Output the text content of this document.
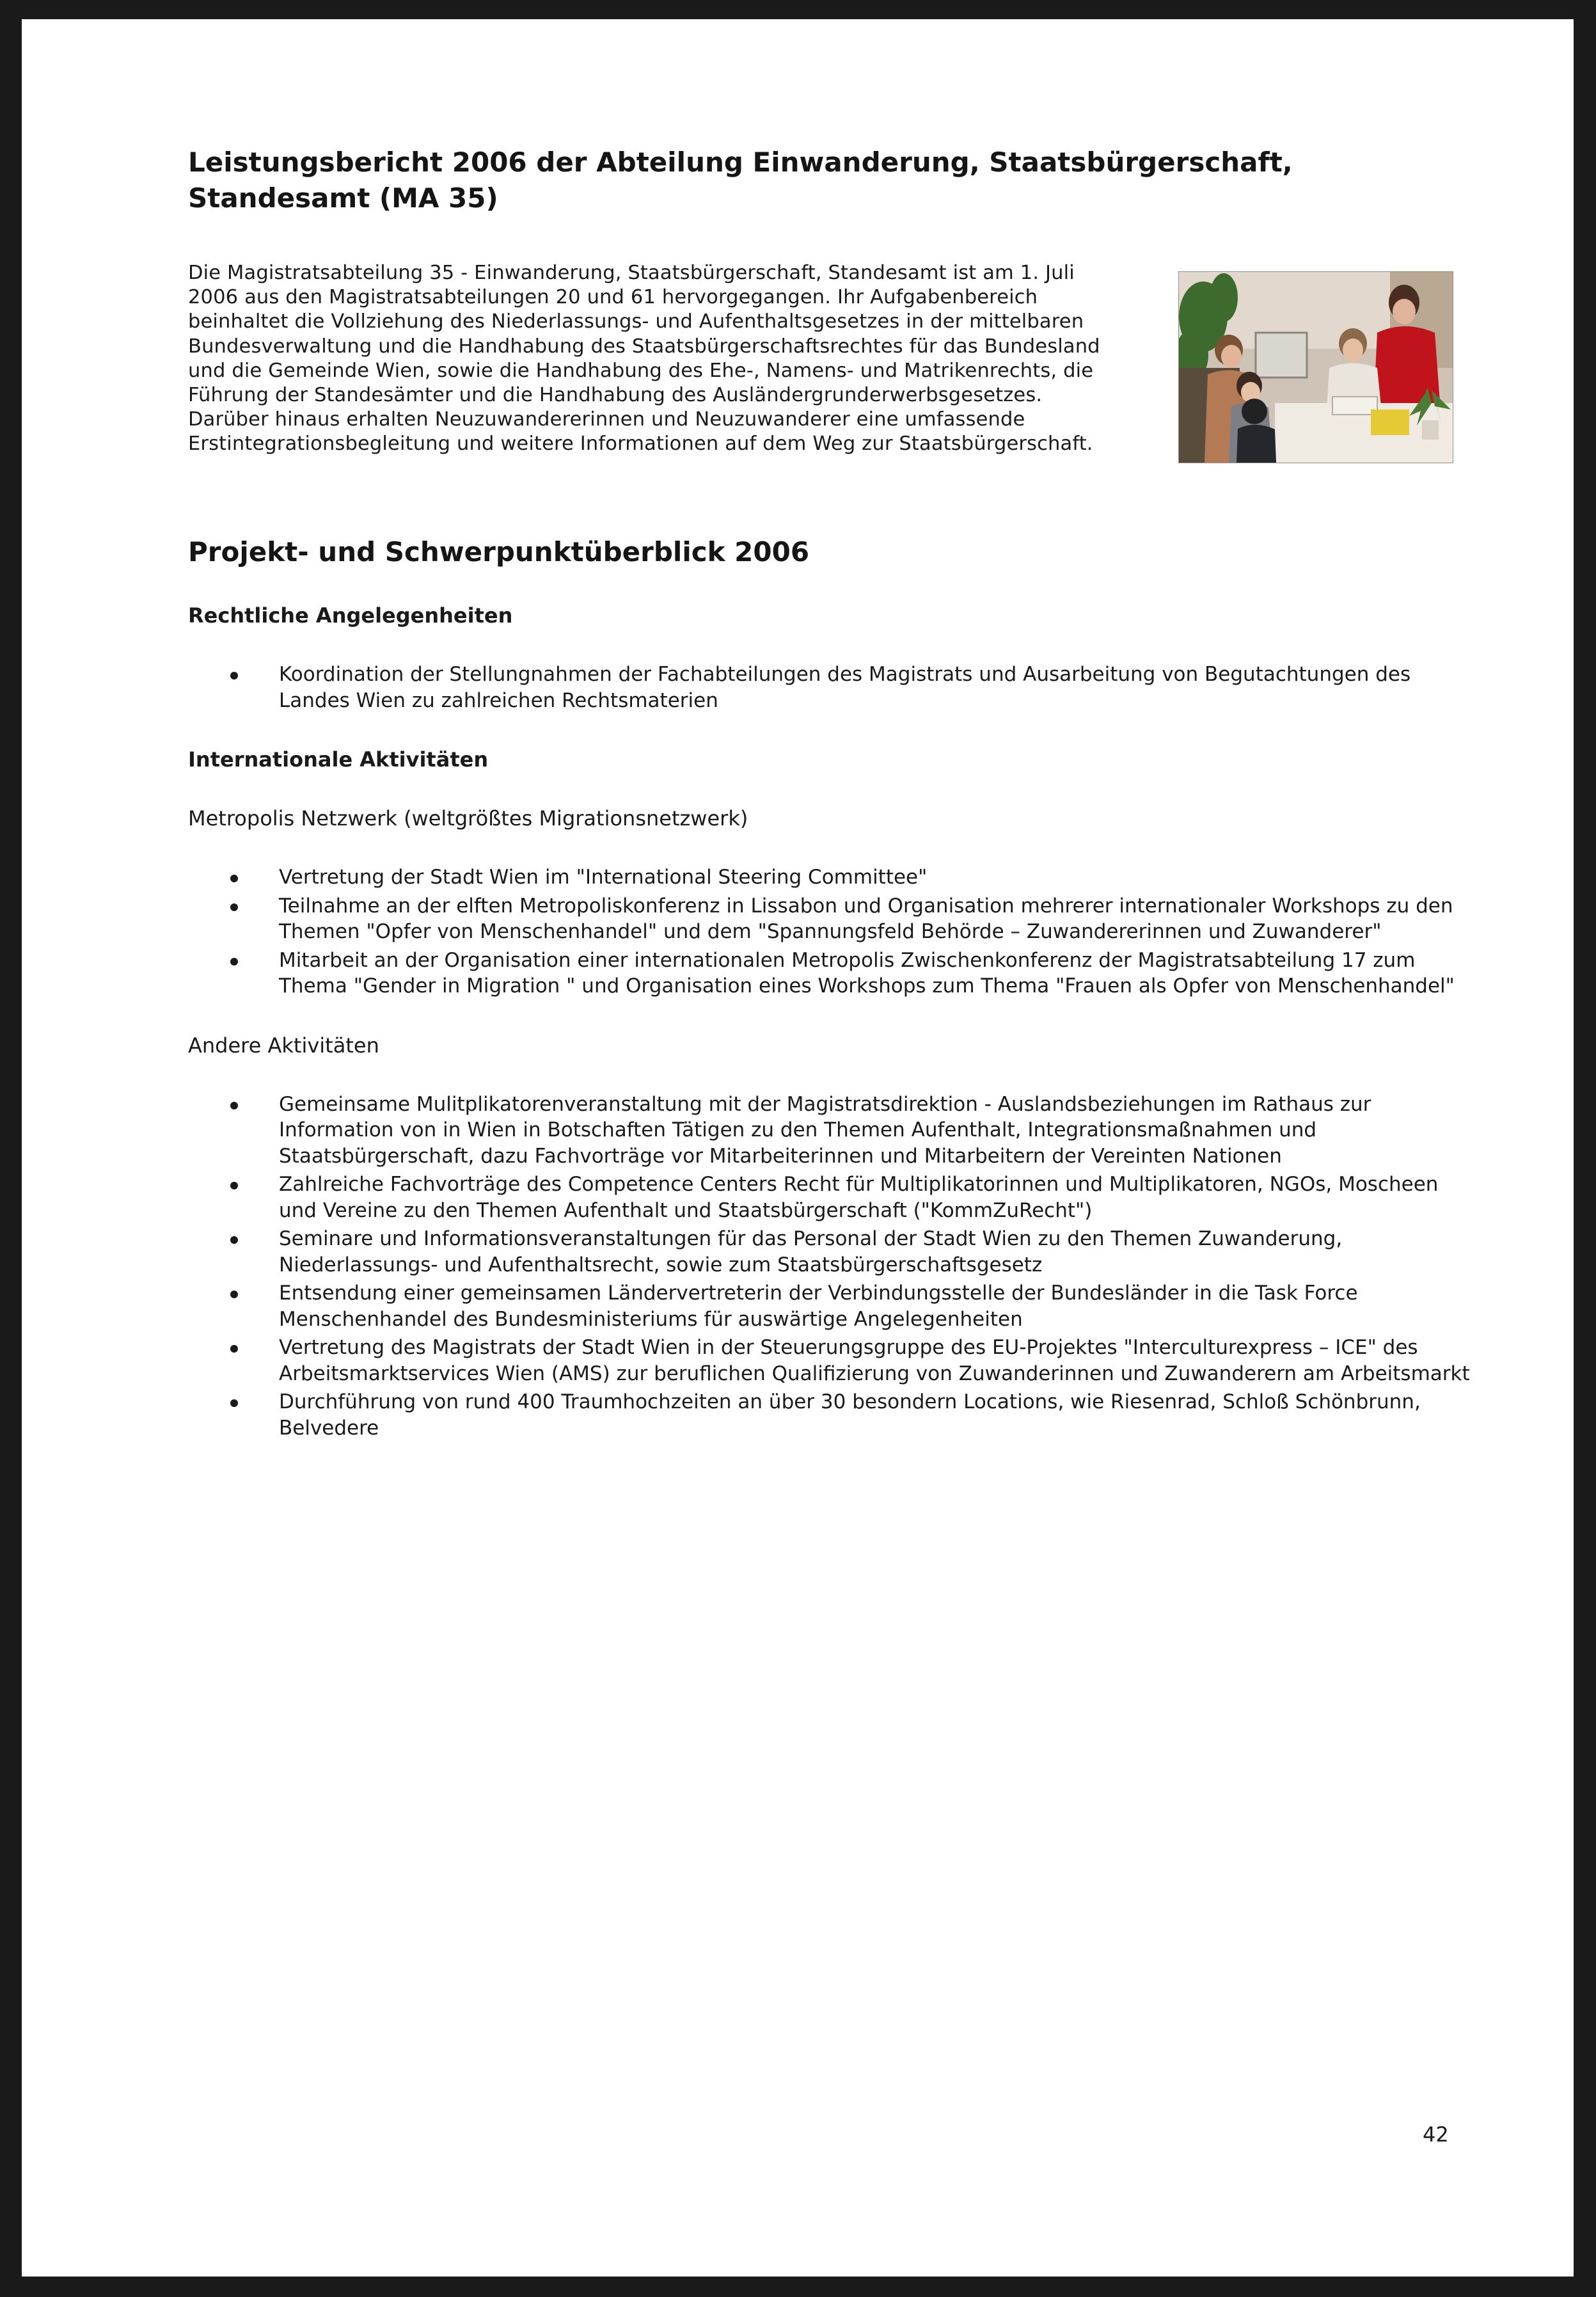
Leistungsbericht 2006 der Abteilung Einwanderung, Staatsbürgerschaft, Standesamt (MA 35)

Die Magistratsabteilung 35 - Einwanderung, Staatsbürgerschaft, Standesamt ist am 1. Juli 2006 aus den Magistratsabteilungen 20 und 61 hervorgegangen. Ihr Aufgabenbereich beinhaltet die Vollziehung des Niederlassungs- und Aufenthaltsgesetzes in der mittelbaren Bundesverwaltung und die Handhabung des Staatsbürgerschaftsrechtes für das Bundesland und die Gemeinde Wien, sowie die Handhabung des Ehe-, Namens- und Matrikenrechts, die Führung der Standesämter und die Handhabung des Ausländergrunderwerbsgesetzes. Darüber hinaus erhalten Neuzuwandererinnen und Neuzuwanderer eine umfassende Erstintegrationsbegleitung und weitere Informationen auf dem Weg zur Staatsbürgerschaft.

Projekt- und Schwerpunktüberblick 2006
Rechtliche Angelegenheiten
Koordination der Stellungnahmen der Fachabteilungen des Magistrats und Ausarbeitung von Begutachtungen des Landes Wien zu zahlreichen Rechtsmaterien
Internationale Aktivitäten

Metropolis Netzwerk (weltgrößtes Migrationsnetzwerk)

Vertretung der Stadt Wien im "International Steering Committee"
Teilnahme an der elften Metropoliskonferenz in Lissabon und Organisation mehrerer internationaler Workshops zu den Themen "Opfer von Menschenhandel" und dem "Spannungsfeld Behörde – Zuwandererinnen und Zuwanderer"
Mitarbeit an der Organisation einer internationalen Metropolis Zwischenkonferenz der Magistratsabteilung 17 zum Thema "Gender in Migration " und Organisation eines Workshops zum Thema "Frauen als Opfer von Menschenhandel"

Andere Aktivitäten

Gemeinsame Mulitplikatorenveranstaltung mit der Magistratsdirektion - Auslandsbeziehungen im Rathaus zur Information von in Wien in Botschaften Tätigen zu den Themen Aufenthalt, Integrationsmaßnahmen und Staatsbürgerschaft, dazu Fachvorträge vor Mitarbeiterinnen und Mitarbeitern der Vereinten Nationen
Zahlreiche Fachvorträge des Competence Centers Recht für Multiplikatorinnen und Multiplikatoren, NGOs, Moscheen und Vereine zu den Themen Aufenthalt und Staatsbürgerschaft ("KommZuRecht")
Seminare und Informationsveranstaltungen für das Personal der Stadt Wien zu den Themen Zuwanderung, Niederlassungs- und Aufenthaltsrecht, sowie zum Staatsbürgerschaftsgesetz
Entsendung einer gemeinsamen Ländervertreterin der Verbindungsstelle der Bundesländer in die Task Force Menschenhandel des Bundesministeriums für auswärtige Angelegenheiten
Vertretung des Magistrats der Stadt Wien in der Steuerungsgruppe des EU-Projektes "Interculturexpress – ICE" des Arbeitsmarktservices Wien (AMS) zur beruflichen Qualifizierung von Zuwanderinnen und Zuwanderern am Arbeitsmarkt
Durchführung von rund 400 Traumhochzeiten an über 30 besondern Locations, wie Riesenrad, Schloß Schönbrunn, Belvedere
42
